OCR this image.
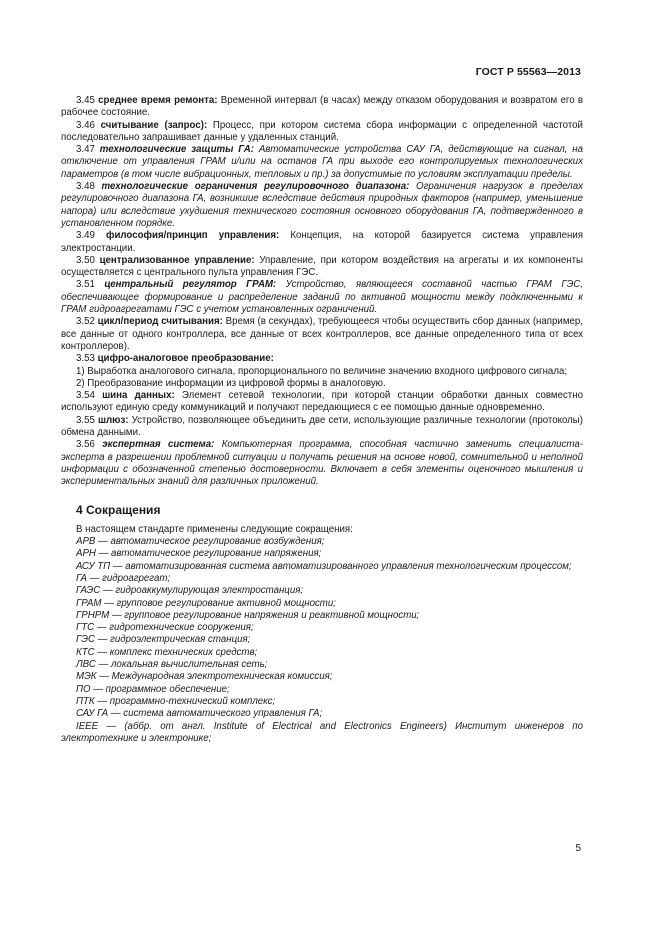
ГОСТ Р 55563—2013

3.45 среднее время ремонта: Временной интервал (в часах) между отказом оборудования и возвратом его в рабочее состояние.

3.46 считывание (запрос): Процесс, при котором система сбора информации с определенной частотой последовательно запрашивает данные у удаленных станций.

3.47 технологические защиты ГА: Автоматические устройства САУ ГА, действующие на сигнал, на отключение от управления ГРАМ и/или на останов ГА при выходе его контролируемых технологических параметров (в том числе вибрационных, тепловых и пр.) за допустимые по условиям эксплуатации пределы.

3.48 технологические ограничения регулировочного диапазона: Ограничения нагрузок в пределах регулировочного диапазона ГА, возникшие вследствие действия природных факторов (например, уменьшение напора) или вследствие ухудшения технического состояния основного оборудования ГА, подтвержденного в установленном порядке.

3.49 философия/принцип управления: Концепция, на которой базируется система управления электростанции.

3.50 централизованное управление: Управление, при котором воздействия на агрегаты и их компоненты осуществляется с центрального пульта управления ГЭС.

3.51 центральный регулятор ГРАМ: Устройство, являющееся составной частью ГРАМ ГЭС, обеспечивающее формирование и распределение заданий по активной мощности между подключенными к ГРАМ гидроагрегатами ГЭС с учетом установленных ограничений.

3.52 цикл/период считывания: Время (в секундах), требующееся чтобы осуществить сбор данных (например, все данные от одного контроллера, все данные от всех контроллеров, все данные определенного типа от всех контроллеров).

3.53 цифро-аналоговое преобразование:

1) Выработка аналогового сигнала, пропорционального по величине значению входного цифрового сигнала;

2) Преобразование информации из цифровой формы в аналоговую.

3.54 шина данных: Элемент сетевой технологии, при которой станции обработки данных совместно используют единую среду коммуникаций и получают передающиеся с ее помощью данные одновременно.

3.55 шлюз: Устройство, позволяющее объединить две сети, использующие различные технологии (протоколы) обмена данными.

3.56 экспертная система: Компьютерная программа, способная частично заменить специалиста-эксперта в разрешении проблемной ситуации и получать решения на основе новой, сомнительной и неполной информации с обозначенной степенью достоверности. Включает в себя элементы оценочного мышления и экспериментальных знаний для различных приложений.

4 Сокращения

В настоящем стандарте применены следующие сокращения:

АРВ — автоматическое регулирование возбуждения;

АРН — автоматическое регулирование напряжения;

АСУ ТП — автоматизированная система автоматизированного управления технологическим процессом;

ГА — гидроагрегат;

ГАЭС — гидроаккумулирующая электростанция;

ГРАМ — групповое регулирование активной мощности;

ГРНРМ — групповое регулирование напряжения и реактивной мощности;

ГТС — гидротехнические сооружения;

ГЭС — гидроэлектрическая станция;

КТС — комплекс технических средств;

ЛВС — локальная вычислительная сеть;

МЭК — Международная электротехническая комиссия;

ПО — программное обеспечение;

ПТК — программно-технический комплекс;

САУ ГА — система автоматического управления ГА;

IEEE — (аббр. от англ. Institute of Electrical and Electronics Engineers) Институт инженеров по электротехнике и электронике;

5
